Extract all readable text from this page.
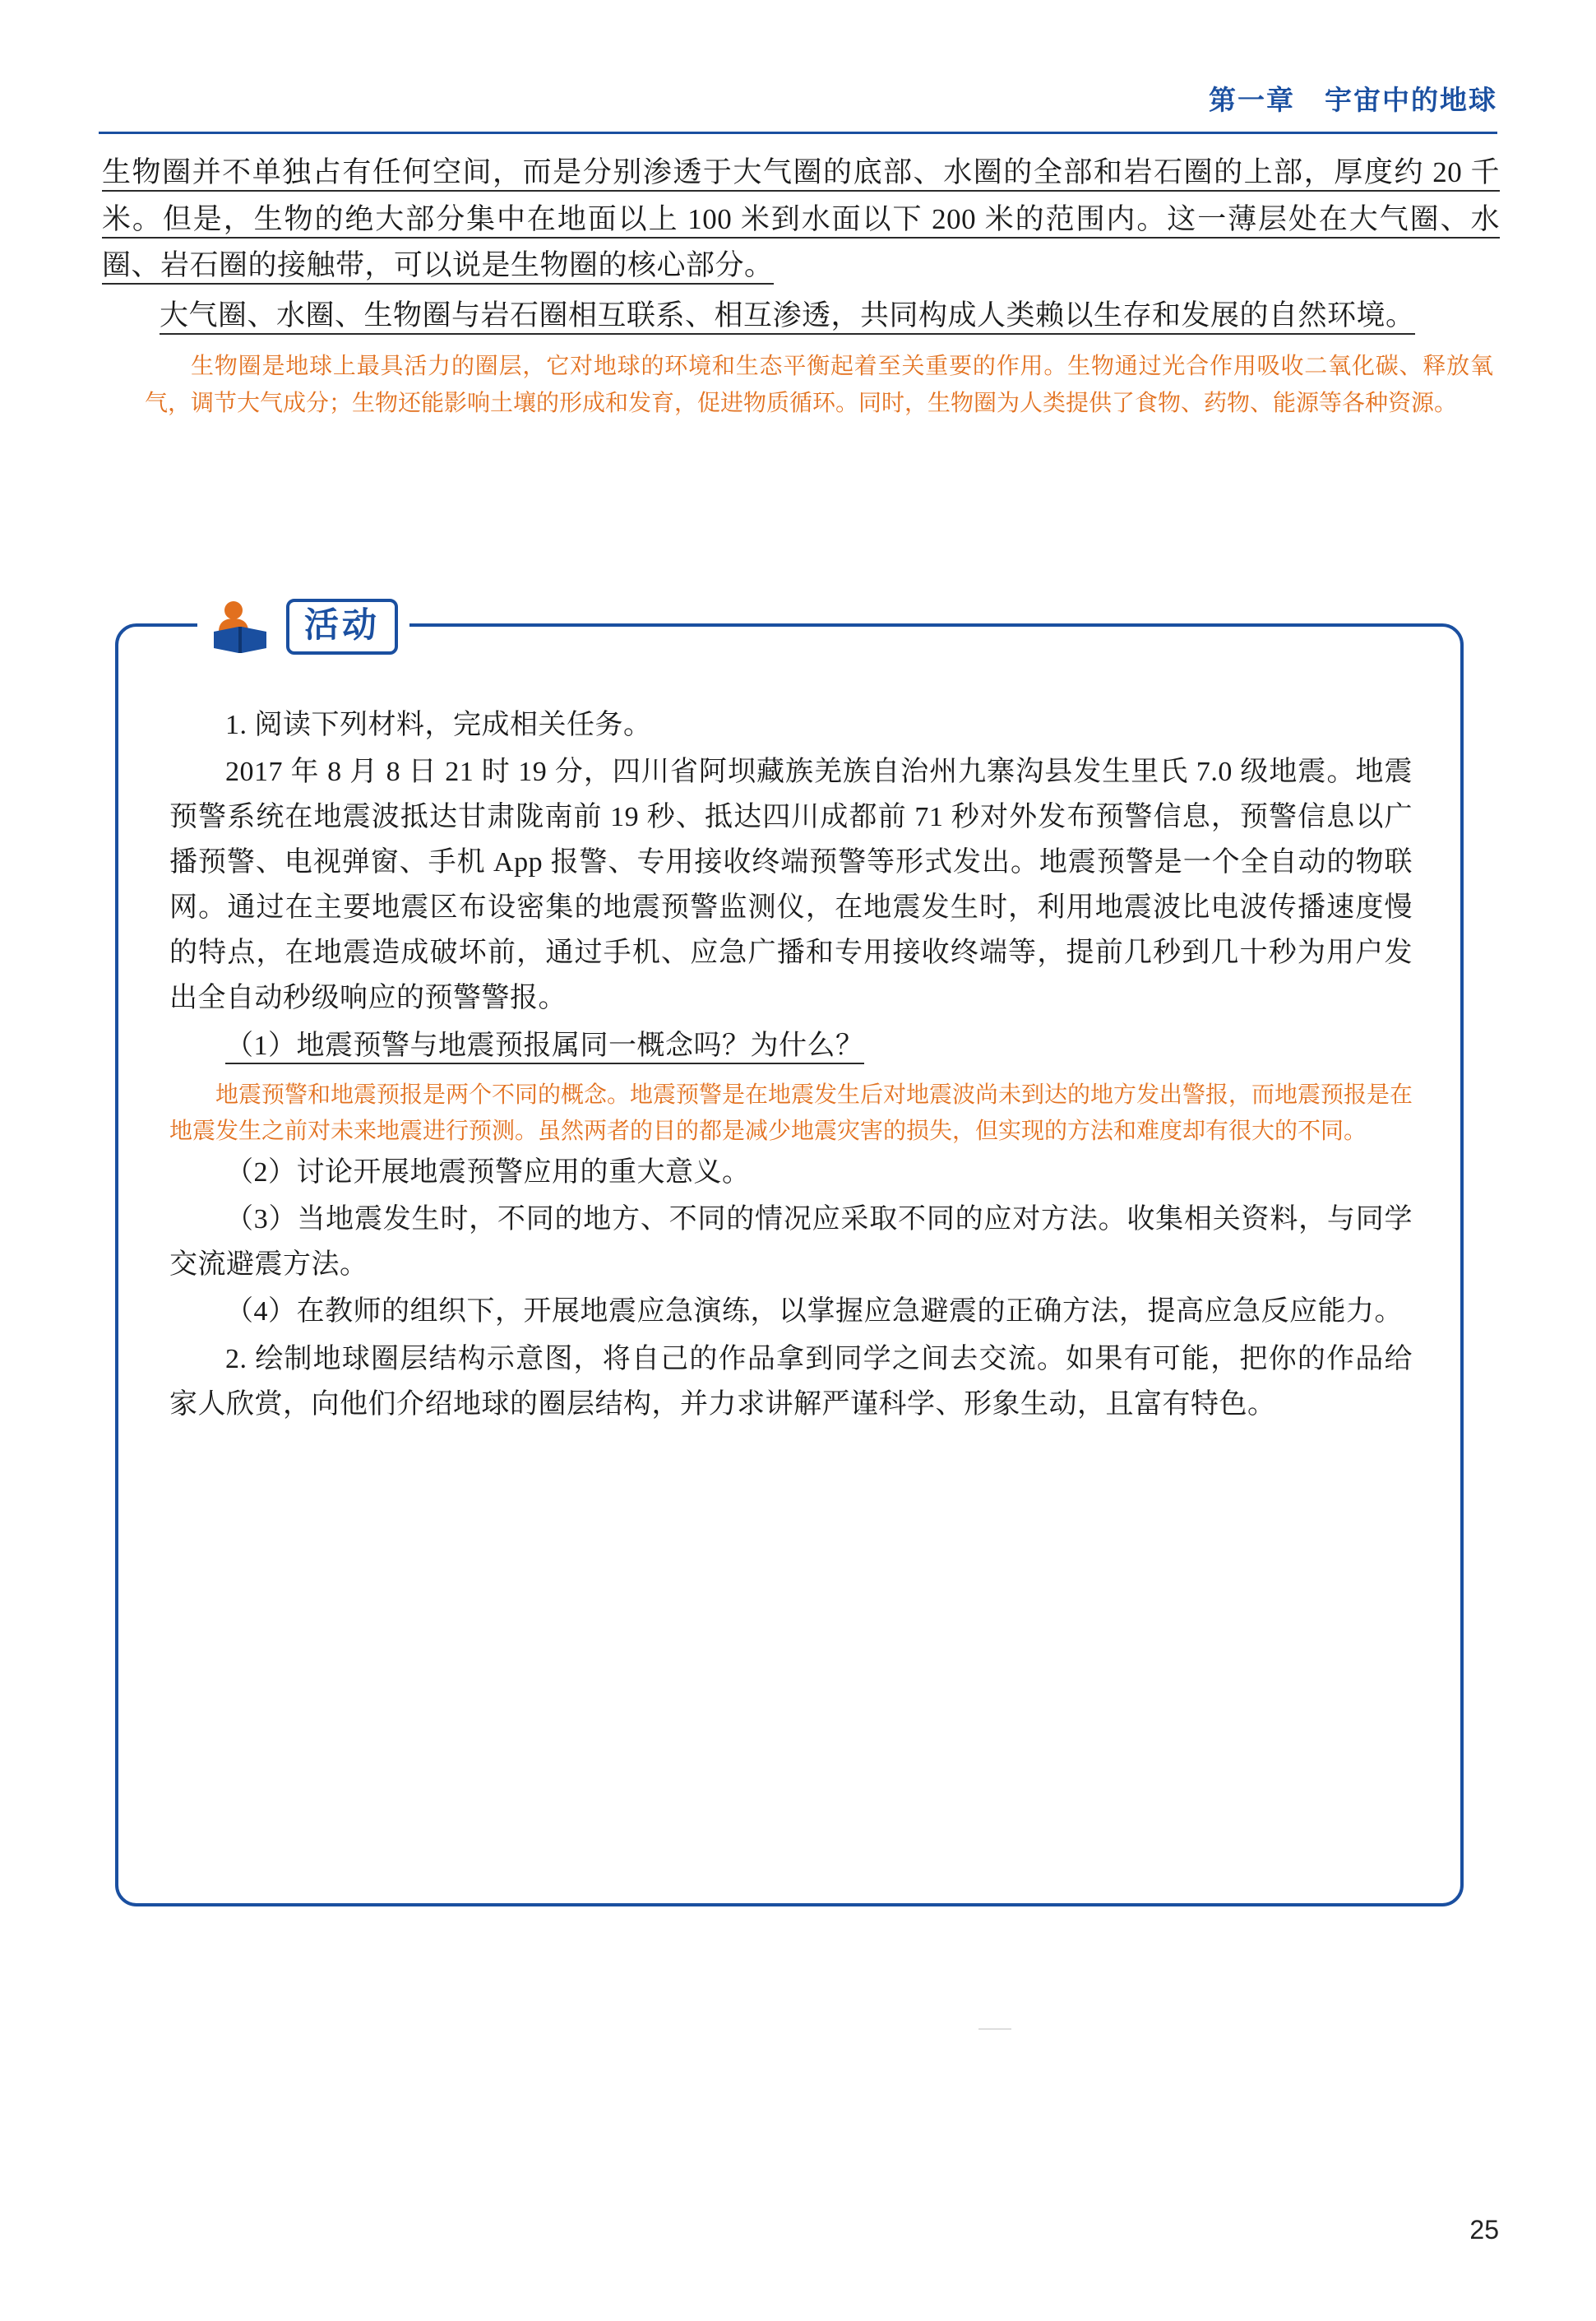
第一章 宇宙中的地球

生物圈并不单独占有任何空间，而是分别渗透于大气圈的底部、水圈的全部和岩石圈的上部，厚度约 20 千米。但是，生物的绝大部分集中在地面以上 100 米到水面以下 200 米的范围内。这一薄层处在大气圈、水圈、岩石圈的接触带，可以说是生物圈的核心部分。

大气圈、水圈、生物圈与岩石圈相互联系、相互渗透，共同构成人类赖以生存和发展的自然环境。

生物圈是地球上最具活力的圈层，它对地球的环境和生态平衡起着至关重要的作用。生物通过光合作用吸收二氧化碳、释放氧气，调节大气成分；生物还能影响土壤的形成和发育，促进物质循环。同时，生物圈为人类提供了食物、药物、能源等各种资源。

活动

1. 阅读下列材料，完成相关任务。

2017 年 8 月 8 日 21 时 19 分，四川省阿坝藏族羌族自治州九寨沟县发生里氏 7.0 级地震。地震预警系统在地震波抵达甘肃陇南前 19 秒、抵达四川成都前 71 秒对外发布预警信息，预警信息以广播预警、电视弹窗、手机 App 报警、专用接收终端预警等形式发出。地震预警是一个全自动的物联网。通过在主要地震区布设密集的地震预警监测仪，在地震发生时，利用地震波比电波传播速度慢的特点，在地震造成破坏前，通过手机、应急广播和专用接收终端等，提前几秒到几十秒为用户发出全自动秒级响应的预警警报。

（1）地震预警与地震预报属同一概念吗？为什么？

地震预警和地震预报是两个不同的概念。地震预警是在地震发生后对地震波尚未到达的地方发出警报，而地震预报是在地震发生之前对未来地震进行预测。虽然两者的目的都是减少地震灾害的损失，但实现的方法和难度却有很大的不同。

（2）讨论开展地震预警应用的重大意义。

（3）当地震发生时，不同的地方、不同的情况应采取不同的应对方法。收集相关资料，与同学交流避震方法。

（4）在教师的组织下，开展地震应急演练，以掌握应急避震的正确方法，提高应急反应能力。

2. 绘制地球圈层结构示意图，将自己的作品拿到同学之间去交流。如果有可能，把你的作品给家人欣赏，向他们介绍地球的圈层结构，并力求讲解严谨科学、形象生动，且富有特色。

25
